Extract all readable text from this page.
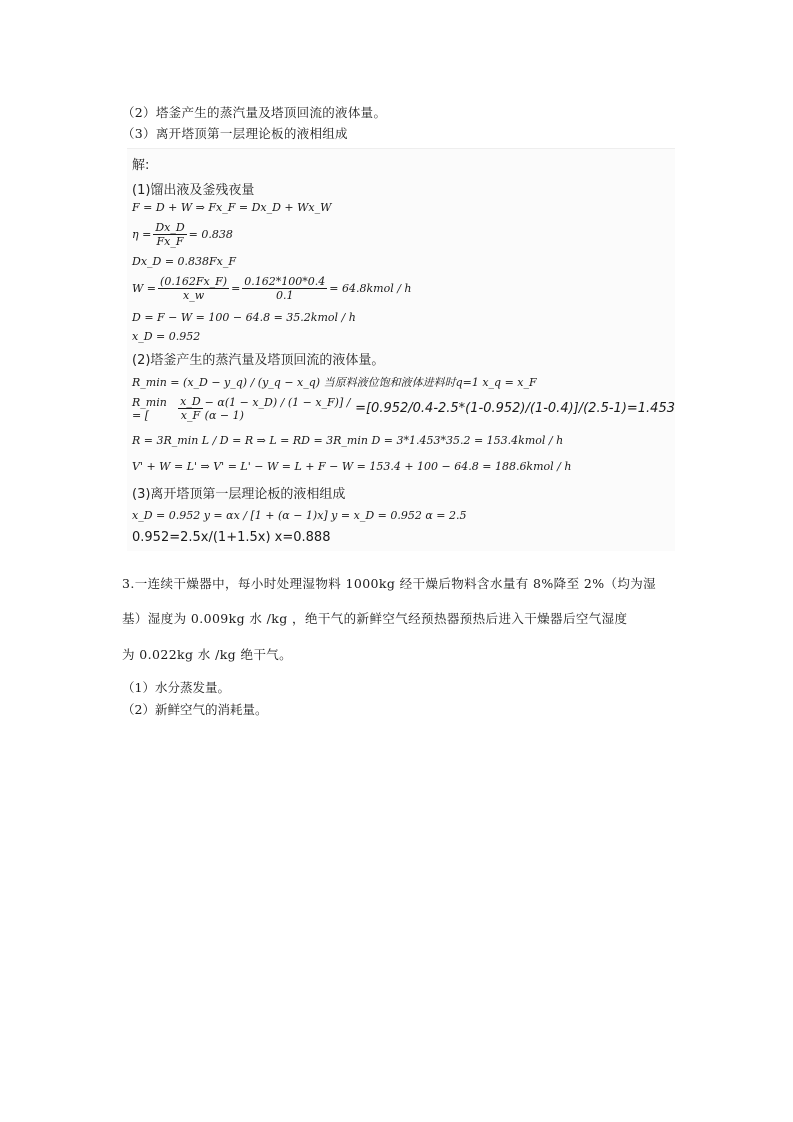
（2）塔釜产生的蒸汽量及塔顶回流的液体量。
（3）离开塔顶第一层理论板的液相组成
解:
(1)馏出液及釜残夜量
F = D + W ⇒ Fx_F = Dx_D + Wx_W
$\eta = \frac{Dx\_D}{Fx\_F} = 0.838$
Dx_D = 0.838Fx_F
$W = \frac{(0.162Fx\_F)}{x\_w} = \frac{0.162*100*0.4}{0.1}$ = 64.8kmol / h
D = F − W = 100 − 64.8 = 35.2kmol / h
x_D = 0.952
(2)塔釜产生的蒸汽量及塔顶回流的液体量。
R_min = (x_D − y_q) / (y_q − x_q) 当原料液位饱和液体进料时q=1 x_q = x_F
R_min = [	$\frac{x\_D}{x\_F} - \alpha(1$ − x_D) / (1 − x_F)] / (α − 1)	=[0.952/0.4-2.5*(1-0.952)/(1-0.4)]/(2.5-1)=1.453
R = 3R_min L / D = R ⇒ L = RD = 3R_min D = 3*1.453*35.2 = 153.4kmol / h
V' + W = L' ⇒ V' = L' − W = L + F − W = 153.4 + 100 − 64.8 = 188.6kmol / h
(3)离开塔顶第一层理论板的液相组成
x_D = 0.952 y = αx / [1 + (α − 1)x] y = x_D = 0.952 α = 2.5
0.952=2.5x/(1+1.5x) x=0.888
3.一连续干燥器中，每小时处理湿物料 1000kg 经干燥后物料含水量有 8%降至 2%（均为湿
基）湿度为 0.009kg 水 /kg ，绝干气的新鲜空气经预热器预热后进入干燥器后空气湿度
为 0.022kg 水 /kg 绝干气。
（1）水分蒸发量。
（2）新鲜空气的消耗量。
